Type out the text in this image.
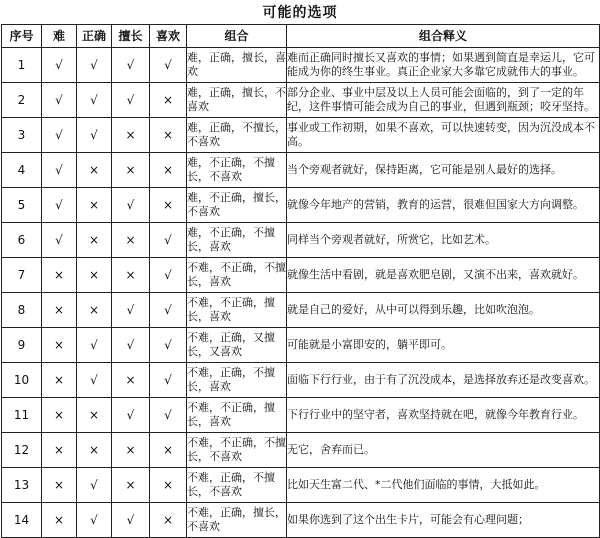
可能的选项
序号	难	正确	擅长	喜欢	组合	组合释义
1	√	√	√	√	难，正确，擅长，喜欢	难而正确同时擅长又喜欢的事情；如果遇到简直是幸运儿，它可能成为你的终生事业。真正企业家大多靠它成就伟大的事业。
2	√	√	√	×	难，正确，擅长，不喜欢	部分企业、事业中层及以上人员可能会面临的，到了一定的年纪，这件事情可能会成为自己的事业，但遇到瓶颈；咬牙坚持。
3	√	√	×	×	难，正确，不擅长，不喜欢	事业或工作初期，如果不喜欢，可以快速转变，因为沉没成本不高。
4	√	×	×	×	难，不正确，不擅长，不喜欢	当个旁观者就好，保持距离，它可能是别人最好的选择。
5	√	×	√	×	难，不正确，擅长，不喜欢	就像今年地产的营销，教育的运营，很难但国家大方向调整。
6	√	×	×	√	难，不正确，不擅长，喜欢	同样当个旁观者就好，所赏它，比如艺术。
7	×	×	×	√	不难，不正确，不擅长，喜欢	就像生活中看剧，就是喜欢肥皂剧，又演不出来，喜欢就好。
8	×	×	√	√	不难，不正确，擅长，喜欢	就是自己的爱好，从中可以得到乐趣，比如吹泡泡。
9	×	√	√	√	不难，正确，又擅长，又喜欢	可能就是小富即安的，躺平即可。
10	×	√	×	√	不难，正确，不擅长，喜欢	面临下行行业，由于有了沉没成本，是选择放弃还是改变喜欢。
11	×	×	√	√	不难，不正确，擅长，喜欢	下行行业中的坚守者，喜欢坚持就在吧，就像今年教育行业。
12	×	×	×	×	不难，不正确，不擅长，不喜欢	无它，舍弃而已。
13	×	√	×	×	不难，正确，不擅长，不喜欢	比如天生富二代、*二代他们面临的事情，大抵如此。
14	×	√	√	×	不难，正确，擅长，不喜欢	如果你选到了这个出生卡片，可能会有心理问题；
